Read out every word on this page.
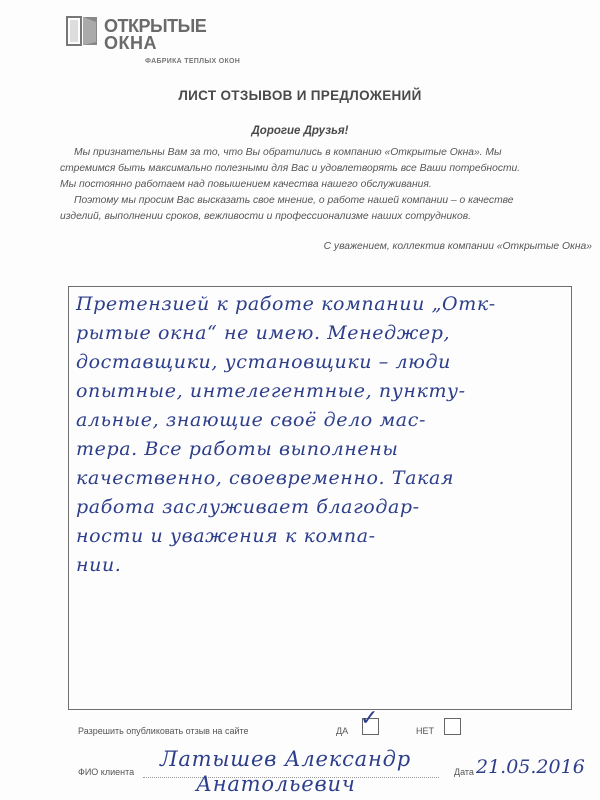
ОТКРЫТЫЕ
ОКНА
ФАБРИКА ТЕПЛЫХ ОКОН
ЛИСТ ОТЗЫВОВ И ПРЕДЛОЖЕНИЙ
Дорогие Друзья!

Мы признательны Вам за то, что Вы обратились в компанию «Открытые Окна». Мы

стремимся быть максимально полезными для Вас и удовлетворять все Ваши потребности.

Мы постоянно работаем над повышением качества нашего обслуживания.

Поэтому мы просим Вас высказать свое мнение, о работе нашей компании – о качестве

изделий, выполнении сроков, вежливости и профессионализме наших сотрудников.

С уважением, коллектив компании «Открытые Окна»
Претензией к работе компании „Отк-
рытые окна“ не имею. Менеджер,
доставщики, установщики – люди
опытные, интелегентные, пункту-
альные, знающие своё дело мас-
тера. Все работы выполнены
качественно, своевременно. Такая
работа заслуживает благодар-
ности и уважения к компа-
нии.
Разрешить опубликовать отзыв на сайте	ДА ✓	НЕТ
ФИО клиента
Латышев Александр
Анатольевич	Дата 21.05.2016
